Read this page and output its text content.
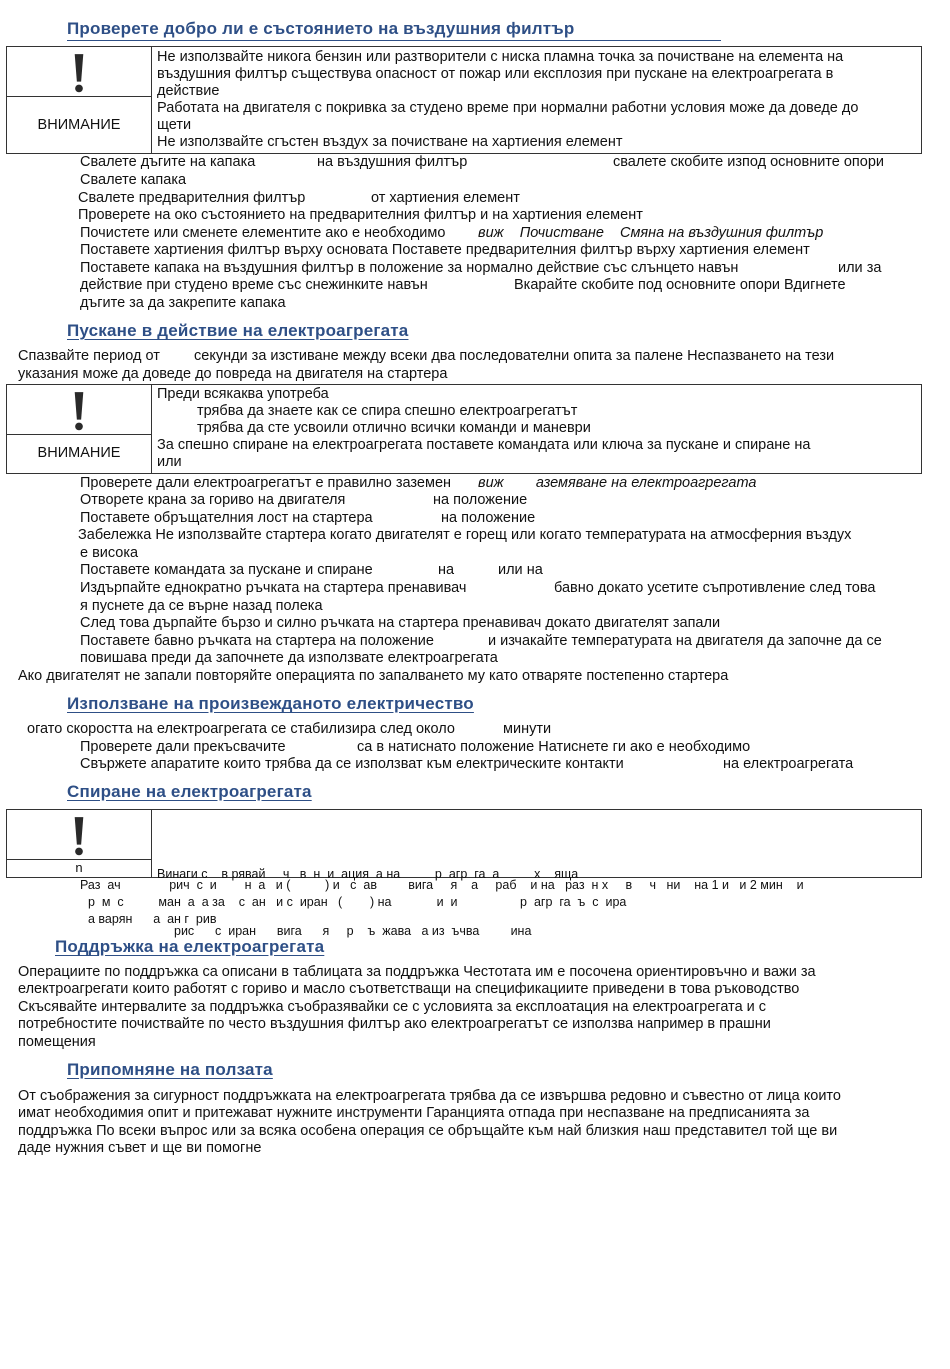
Проверете добро ли е състоянието на въздушния филтър
ВНИМАНИЕ
Не използвайте никога бензин или разтворители с ниска пламна точка за почистване на елемента на
въздушния филтър съществува опасност от пожар или експлозия при пускане на електроагрегата в
действие
Работата на двигателя с покривка за студено време при нормални работни условия може да доведе до
щети
Не използвайте сгъстен въздух за почистване на хартиения елемент
Свалете дъгите на капака	на въздушния филтър	свалете скобите изпод основните опори
Свалете капака
Свалете предварителния филтър	от хартиения елемент
Проверете на око състоянието на предварителния филтър и на хартиения елемент
Почистете или сменете елементите ако е необходимо виж    Почистване    Смяна на въздушния филтър
Поставете хартиения филтър върху основата Поставете предварителния филтър върху хартиения елемент
Поставете капака на въздушния филтър в положение за нормално действие със слънцето навън	или за
действие при студено време със снежинките навън	Вкарайте скобите под основните опори Вдигнете
дъгите за да закрепите капака
Пускане в действие на електроагрегата
Спазвайте период от секунди за изстиване между всеки два последователни опита за палене Неспазването на тези
указания може да доведе до повреда на двигателя на стартера
ВНИМАНИЕ
Преди всякаква употреба
трябва да знаете как се спира спешно електроагрегатът
трябва да сте усвоили отлично всички команди и маневри
За спешно спиране на електроагрегата поставете командата или ключа за пускане и спиране на
или
Проверете дали електроагрегатът е правилно заземен виж        аземяване на електроагрегата
Отворете крана за гориво на двигателя	на положение
Поставете обръщателния лост на стартера	на положение
Забележка Не използвайте стартера когато двигателят е горещ или когато температурата на атмосферния въздух
е висока
Поставете командата за пускане и спиране	на	или на
Издърпайте еднократно ръчката на стартера пренавивач	бавно докато усетите съпротивление след това
я пуснете да се върне назад полека
След това дърпайте бързо и силно ръчката на стартера пренавивач докато двигателят запали
Поставете бавно ръчката на стартера на положение	и изчакайте температурата на двигателя да започне да се
повишава преди да започнете да използвате електроагрегата
Ако двигателят не запали повторяйте операцията по запалването му като отваряте постепенно стартера
Използване на произвежданото електричество
огато скоростта на електроагрегата се стабилизира след около	минути
Проверете дали прекъсвачите	са в натиснато положение Натиснете ги ако е необходимо
Свържете апаратите които трябва да се използват към електрическите контакти	на електроагрегата
Спиране на електроагрегата
n

	Винаги с    в рявай     ч   в  н  и  ация  а на          р  агр  га  а          х    яща

рис      с  иран      вига      я     р    ъ  жава   а из  ъчва         ина

Раз  ач              рич  с  и        н  а   и (          ) и   с  ав         вига     я    а     раб    и на   раз  н х     в     ч   ни    на 1 и   и 2 мин    и
р  м  с          ман  а  а за    с  ан   и с  иран   (        ) на             и  и                  р  агр  га  ъ  с  ира
а варян      а  ан г  рив
Поддръжка на електроагрегата
Операциите по поддръжка са описани в таблицата за поддръжка Честотата им е посочена ориентировъчно и важи за
електроагрегати които работят с гориво и масло съответстващи на спецификациите приведени в това ръководство
Скъсявайте интервалите за поддръжка съобразявайки се с условията за експлоатация на електроагрегата и с
потребностите почиствайте по често въздушния филтър ако електроагрегатът се използва например в прашни
помещения
Припомняне на ползата
От съображения за сигурност поддръжката на електроагрегата трябва да се извършва редовно и съвестно от лица които
имат необходимия опит и притежават нужните инструменти Гаранцията отпада при неспазване на предписанията за
поддръжка По всеки въпрос или за всяка особена операция се обръщайте към най близкия наш представител той ще ви
даде нужния съвет и ще ви помогне
